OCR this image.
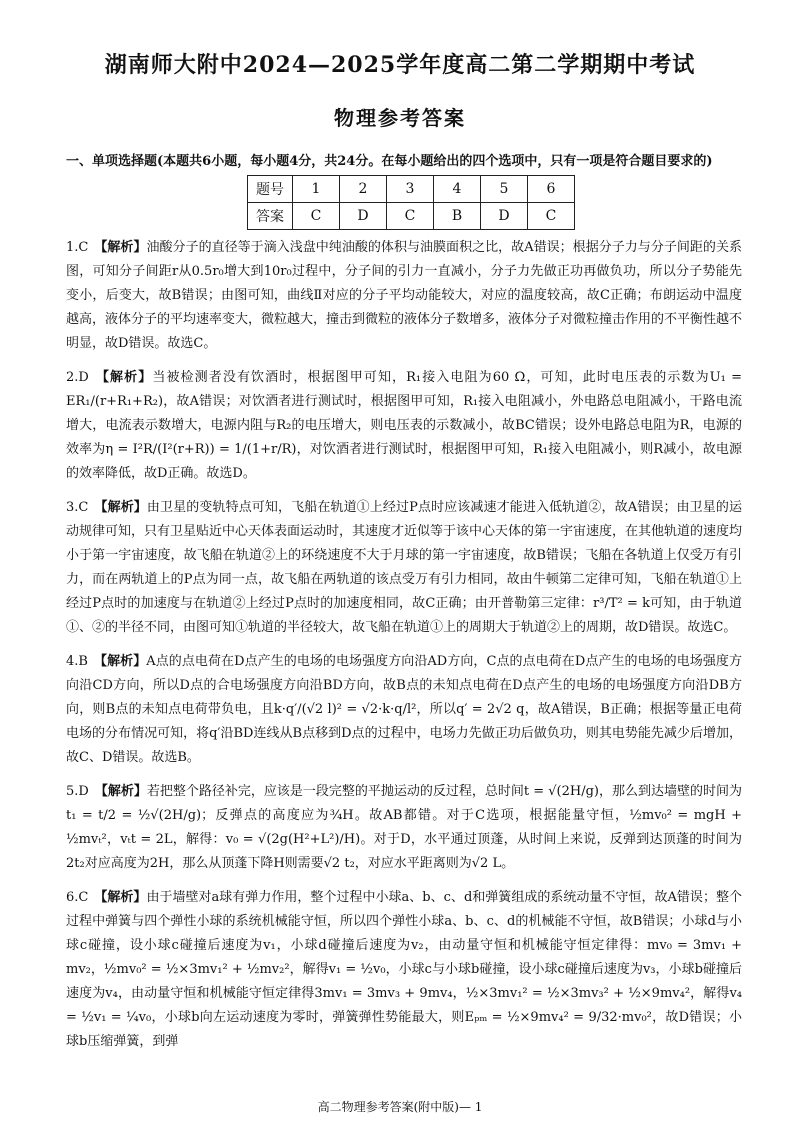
湖南师大附中2024—2025学年度高二第二学期期中考试
物理参考答案
一、单项选择题(本题共6小题，每小题4分，共24分。在每小题给出的四个选项中，只有一项是符合题目要求的)
题号	1	2	3	4	5	6
答案	C	D	C	B	D	C
1.C 【解析】油酸分子的直径等于滴入浅盘中纯油酸的体积与油膜面积之比，故A错误；根据分子力与分子间距的关系图，可知分子间距r从0.5r₀增大到10r₀过程中，分子间的引力一直减小，分子力先做正功再做负功，所以分子势能先变小，后变大，故B错误；由图可知，曲线Ⅱ对应的分子平均动能较大，对应的温度较高，故C正确；布朗运动中温度越高，液体分子的平均速率变大，微粒越大，撞击到微粒的液体分子数增多，液体分子对微粒撞击作用的不平衡性越不明显，故D错误。故选C。
2.D 【解析】当被检测者没有饮酒时，根据图甲可知，R₁接入电阻为60 Ω，可知，此时电压表的示数为U₁ = ER₁/(r+R₁+R₂)，故A错误；对饮酒者进行测试时，根据图甲可知，R₁接入电阻减小，外电路总电阻减小，干路电流增大，电流表示数增大，电源内阻与R₂的电压增大，则电压表的示数减小，故BC错误；设外电路总电阻为R，电源的效率为η = I²R/(I²(r+R)) = 1/(1+r/R)，对饮酒者进行测试时，根据图甲可知，R₁接入电阻减小，则R减小，故电源的效率降低，故D正确。故选D。
3.C 【解析】由卫星的变轨特点可知，飞船在轨道①上经过P点时应该减速才能进入低轨道②，故A错误；由卫星的运动规律可知，只有卫星贴近中心天体表面运动时，其速度才近似等于该中心天体的第一宇宙速度，在其他轨道的速度均小于第一宇宙速度，故飞船在轨道②上的环绕速度不大于月球的第一宇宙速度，故B错误；飞船在各轨道上仅受万有引力，而在两轨道上的P点为同一点，故飞船在两轨道的该点受万有引力相同，故由牛顿第二定律可知，飞船在轨道①上经过P点时的加速度与在轨道②上经过P点时的加速度相同，故C正确；由开普勒第三定律：r³/T² = k可知，由于轨道①、②的半径不同，由图可知①轨道的半径较大，故飞船在轨道①上的周期大于轨道②上的周期，故D错误。故选C。
4.B 【解析】A点的点电荷在D点产生的电场的电场强度方向沿AD方向，C点的点电荷在D点产生的电场的电场强度方向沿CD方向，所以D点的合电场强度方向沿BD方向，故B点的未知点电荷在D点产生的电场的电场强度方向沿DB方向，则B点的未知点电荷带负电，且k·q′/(√2 l)² = √2·k·q/l²，所以q′ = 2√2 q，故A错误，B正确；根据等量正电荷电场的分布情况可知，将q′沿BD连线从B点移到D点的过程中，电场力先做正功后做负功，则其电势能先减少后增加，故C、D错误。故选B。
5.D 【解析】若把整个路径补完，应该是一段完整的平抛运动的反过程，总时间t = √(2H/g)，那么到达墙壁的时间为t₁ = t/2 = ½√(2H/g)；反弹点的高度应为¾H。故AB都错。对于C选项，根据能量守恒，½mv₀² = mgH + ½mvₜ²，vₜt = 2L，解得：v₀ = √(2g(H²+L²)/H)。对于D，水平通过顶蓬，从时间上来说，反弹到达顶蓬的时间为2t₂对应高度为2H，那么从顶蓬下降H则需要√2 t₂，对应水平距离则为√2 L。
6.C 【解析】由于墙壁对a球有弹力作用，整个过程中小球a、b、c、d和弹簧组成的系统动量不守恒，故A错误；整个过程中弹簧与四个弹性小球的系统机械能守恒，所以四个弹性小球a、b、c、d的机械能不守恒，故B错误；小球d与小球c碰撞，设小球c碰撞后速度为v₁，小球d碰撞后速度为v₂，由动量守恒和机械能守恒定律得：mv₀ = 3mv₁ + mv₂，½mv₀² = ½×3mv₁² + ½mv₂²，解得v₁ = ½v₀，小球c与小球b碰撞，设小球c碰撞后速度为v₃，小球b碰撞后速度为v₄，由动量守恒和机械能守恒定律得3mv₁ = 3mv₃ + 9mv₄，½×3mv₁² = ½×3mv₃² + ½×9mv₄²，解得v₄ = ½v₁ = ¼v₀，小球b向左运动速度为零时，弹簧弹性势能最大，则Eₚₘ = ½×9mv₄² = 9/32·mv₀²，故D错误；小球b压缩弹簧，到弹
高二物理参考答案(附中版)— 1
